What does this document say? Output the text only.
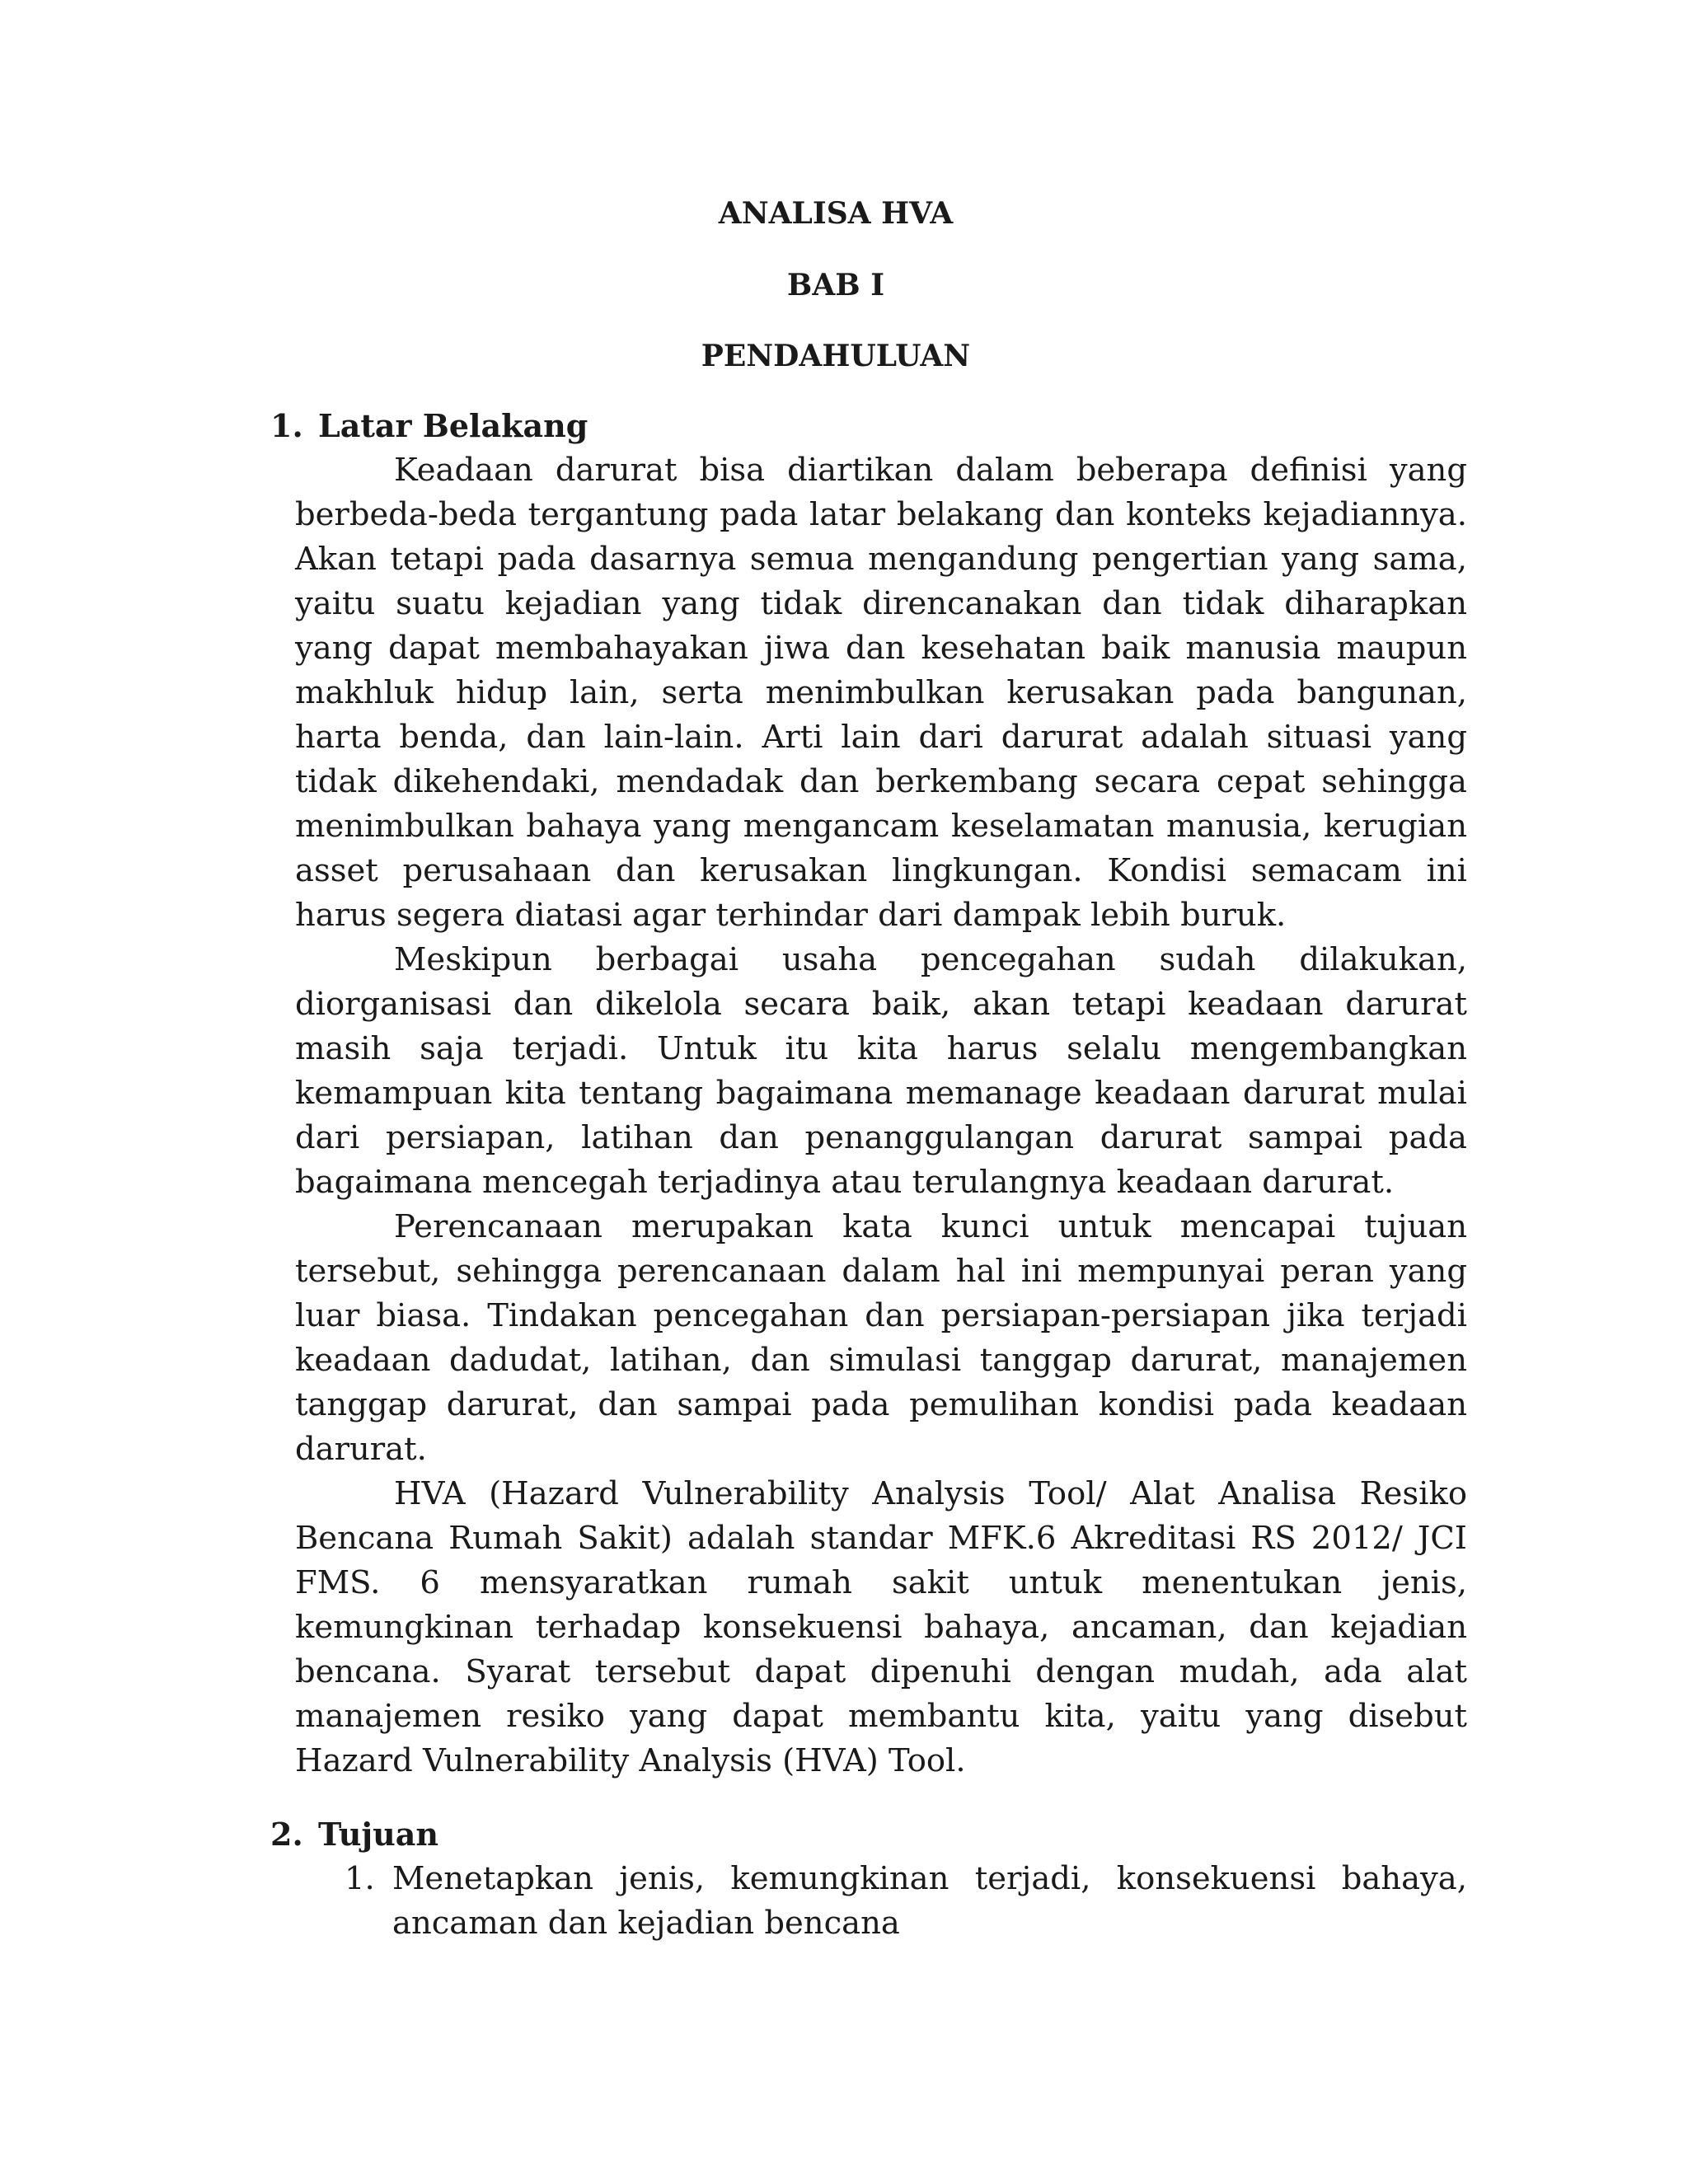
ANALISA HVA
BAB I
PENDAHULUAN
1. Latar Belakang

Keadaan darurat bisa diartikan dalam beberapa definisi yang berbeda-beda tergantung pada latar belakang dan konteks kejadiannya. Akan tetapi pada dasarnya semua mengandung pengertian yang sama, yaitu suatu kejadian yang tidak direncanakan dan tidak diharapkan yang dapat membahayakan jiwa dan kesehatan baik manusia maupun makhluk hidup lain, serta menimbulkan kerusakan pada bangunan, harta benda, dan lain-lain. Arti lain dari darurat adalah situasi yang tidak dikehendaki, mendadak dan berkembang secara cepat sehingga menimbulkan bahaya yang mengancam keselamatan manusia, kerugian asset perusahaan dan kerusakan lingkungan. Kondisi semacam ini harus segera diatasi agar terhindar dari dampak lebih buruk.

Meskipun berbagai usaha pencegahan sudah dilakukan, diorganisasi dan dikelola secara baik, akan tetapi keadaan darurat masih saja terjadi. Untuk itu kita harus selalu mengembangkan kemampuan kita tentang bagaimana memanage keadaan darurat mulai dari persiapan, latihan dan penanggulangan darurat sampai pada bagaimana mencegah terjadinya atau terulangnya keadaan darurat.

Perencanaan merupakan kata kunci untuk mencapai tujuan tersebut, sehingga perencanaan dalam hal ini mempunyai peran yang luar biasa. Tindakan pencegahan dan persiapan-persiapan jika terjadi keadaan dadudat, latihan, dan simulasi tanggap darurat, manajemen tanggap darurat, dan sampai pada pemulihan kondisi pada keadaan darurat.

HVA (Hazard Vulnerability Analysis Tool/ Alat Analisa Resiko Bencana Rumah Sakit) adalah standar MFK.6 Akreditasi RS 2012/ JCI FMS. 6 mensyaratkan rumah sakit untuk menentukan jenis, kemungkinan terhadap konsekuensi bahaya, ancaman, dan kejadian bencana. Syarat tersebut dapat dipenuhi dengan mudah, ada alat manajemen resiko yang dapat membantu kita, yaitu yang disebut Hazard Vulnerability Analysis (HVA) Tool.

2. Tujuan
1. Menetapkan jenis, kemungkinan terjadi, konsekuensi bahaya, ancaman dan kejadian bencana
